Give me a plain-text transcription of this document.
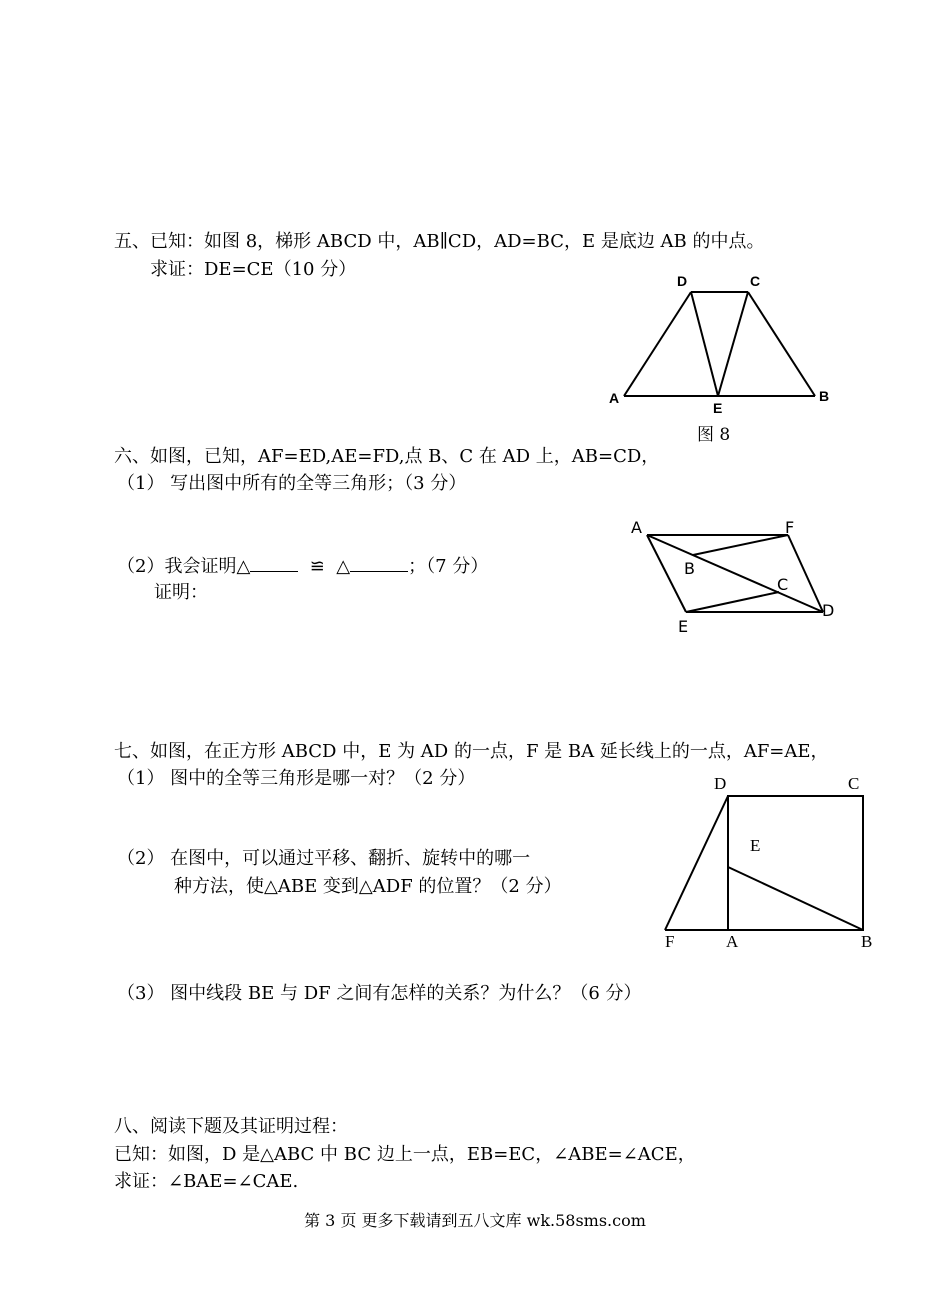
五、已知：如图 8，梯形 ABCD 中，AB∥CD，AD=BC，E 是底边 AB 的中点。
求证：DE=CE（10 分）
D	C
A	B
E
图 8
六、如图，已知，AF=ED,AE=FD,点 B、C 在 AD 上，AB=CD，
（1） 写出图中所有的全等三角形；（3 分）
（2）我会证明△	≌ △	；（7 分）
证明：
A	F
B
C
D
E
七、如图，在正方形 ABCD 中，E 为 AD 的一点，F 是 BA 延长线上的一点，AF=AE，
（1） 图中的全等三角形是哪一对？（2 分）
（2） 在图中，可以通过平移、翻折、旋转中的哪一
种方法，使△ABE 变到△ADF 的位置？（2 分）
（3） 图中线段 BE 与 DF 之间有怎样的关系？为什么？（6 分）
D	C
E
F	A	B
八、阅读下题及其证明过程：
已知：如图，D 是△ABC 中 BC 边上一点，EB=EC，∠ABE=∠ACE，
求证：∠BAE=∠CAE.
第 3 页 更多下载请到五八文库 wk.58sms.com
